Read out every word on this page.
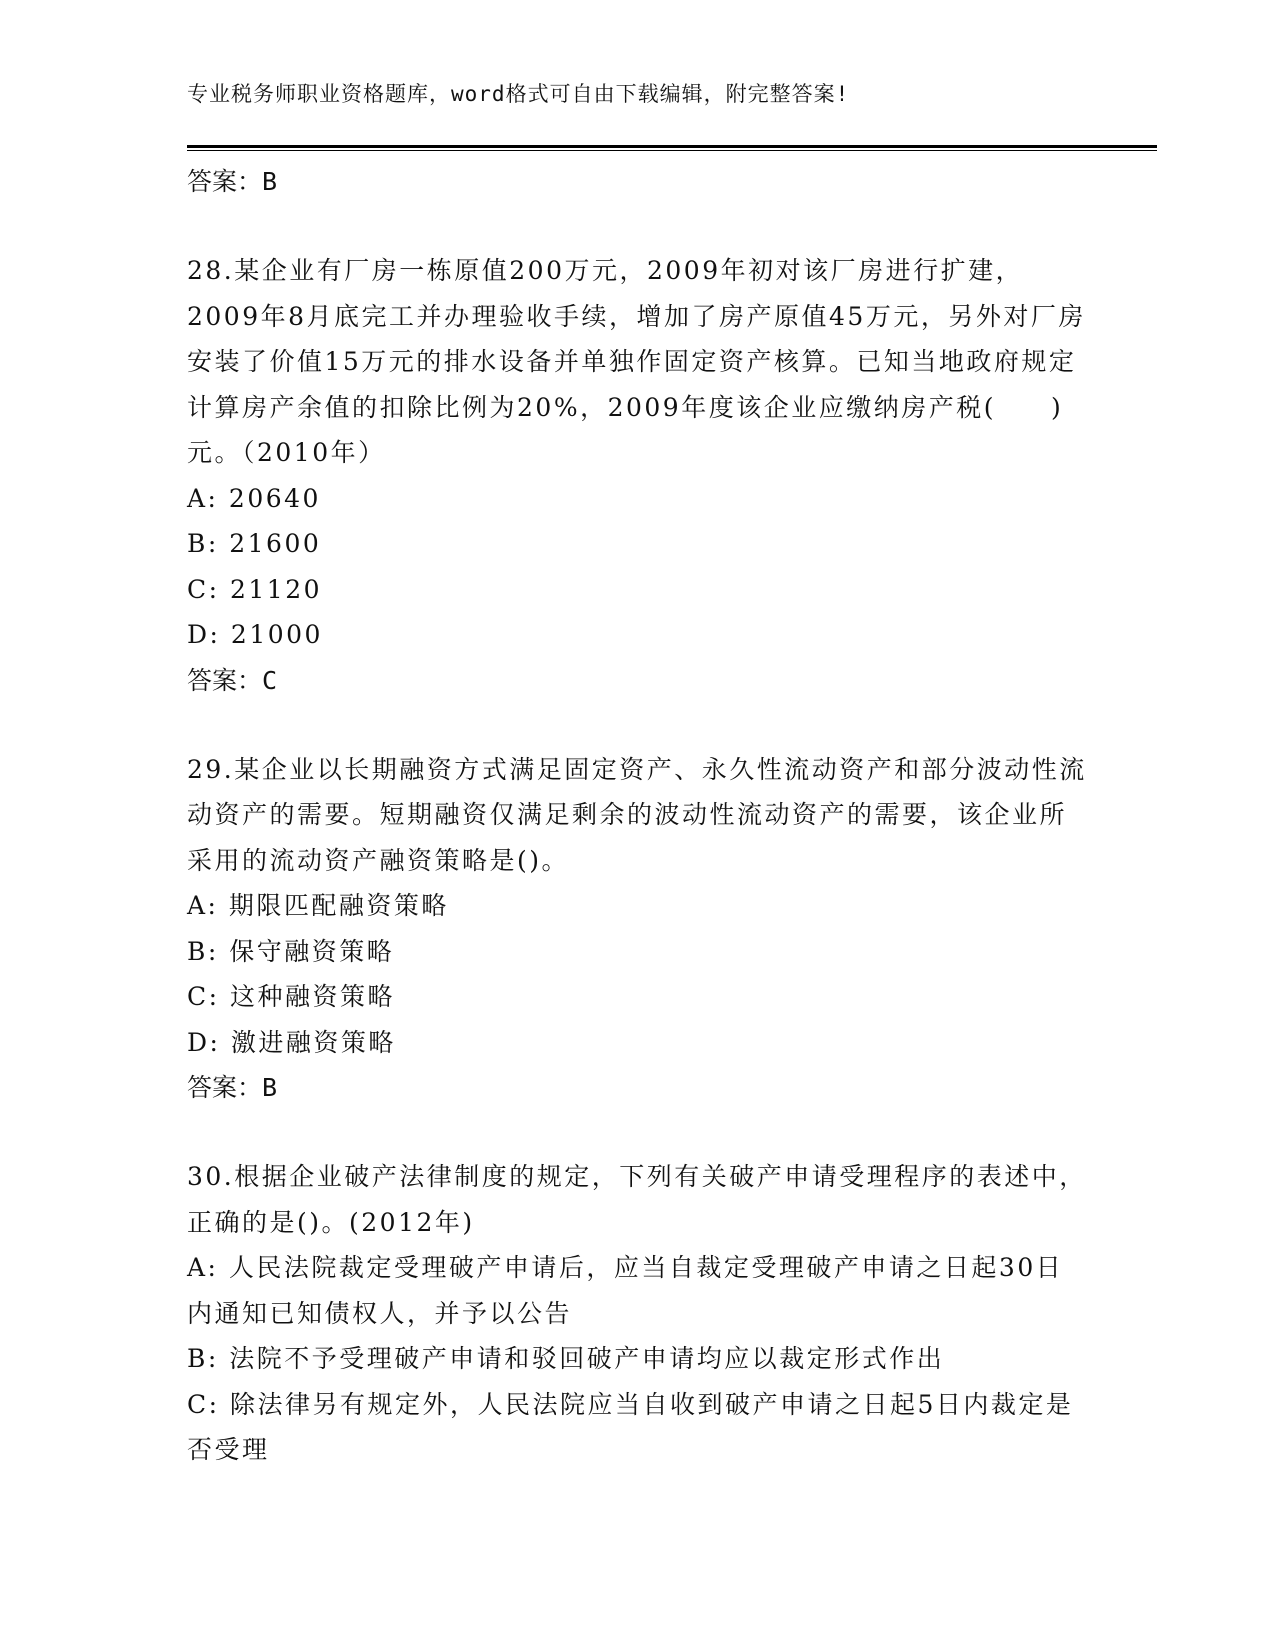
专业税务师职业资格题库，word格式可自由下载编辑，附完整答案!
答案：B
28.某企业有厂房一栋原值200万元，2009年初对该厂房进行扩建，2009年8月底完工并办理验收手续，增加了房产原值45万元，另外对厂房安装了价值15万元的排水设备并单独作固定资产核算。已知当地政府规定计算房产余值的扣除比例为20%，2009年度该企业应缴纳房产税(　　)元。（2010年）
A: 20640
B: 21600
C: 21120
D: 21000
答案：C
29.某企业以长期融资方式满足固定资产、永久性流动资产和部分波动性流动资产的需要。短期融资仅满足剩余的波动性流动资产的需要，该企业所采用的流动资产融资策略是()。
A: 期限匹配融资策略
B: 保守融资策略
C: 这种融资策略
D: 激进融资策略
答案：B
30.根据企业破产法律制度的规定，下列有关破产申请受理程序的表述中，正确的是()。(2012年)
A: 人民法院裁定受理破产申请后，应当自裁定受理破产申请之日起30日内通知已知债权人，并予以公告
B: 法院不予受理破产申请和驳回破产申请均应以裁定形式作出
C: 除法律另有规定外，人民法院应当自收到破产申请之日起5日内裁定是否受理
